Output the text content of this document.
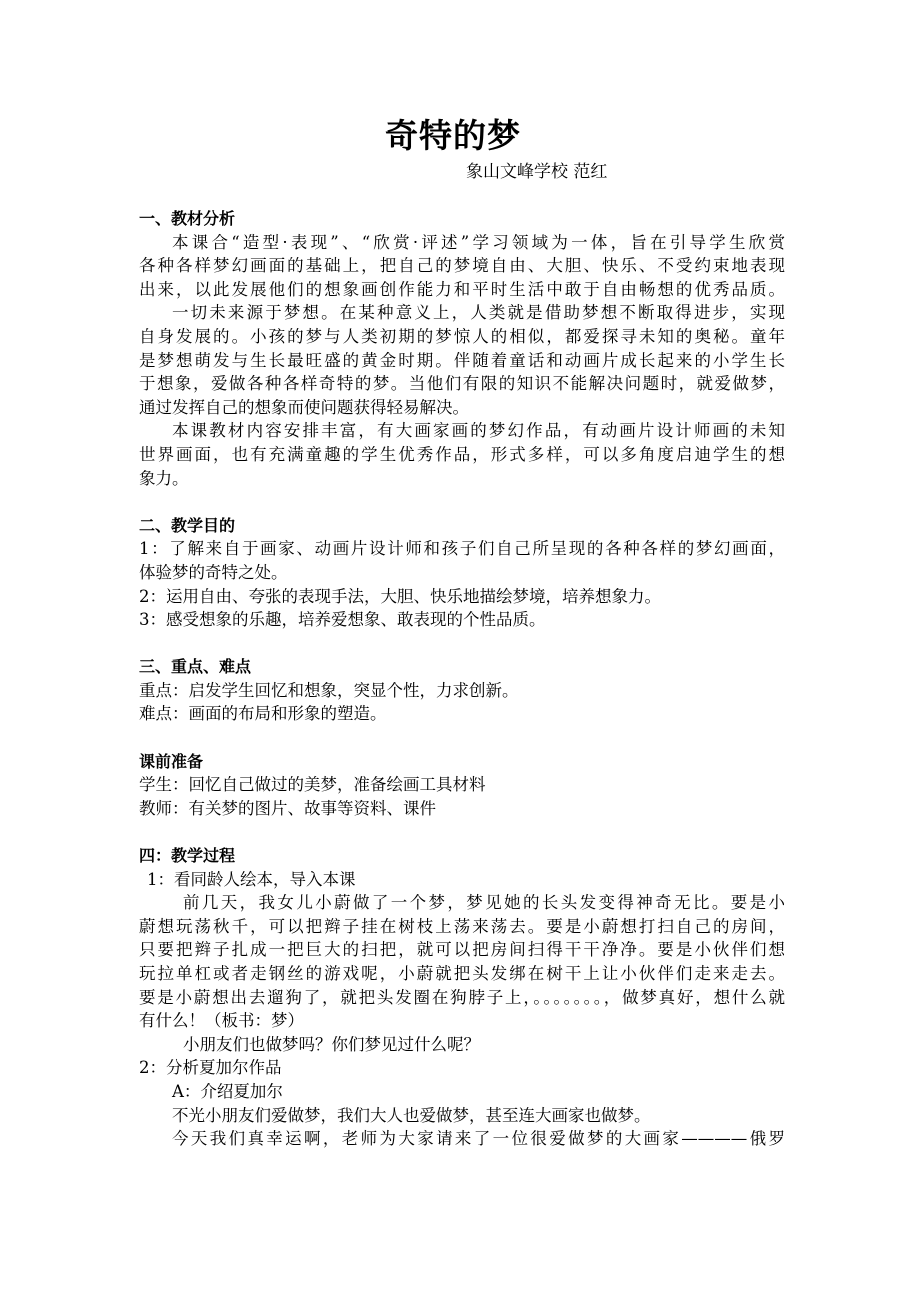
奇特的梦
象山文峰学校 范红

一、教材分析

本课合“造型·表现”、“欣赏·评述”学习领域为一体，旨在引导学生欣赏

各种各样梦幻画面的基础上，把自己的梦境自由、大胆、快乐、不受约束地表现

出来，以此发展他们的想象画创作能力和平时生活中敢于自由畅想的优秀品质。

一切未来源于梦想。在某种意义上，人类就是借助梦想不断取得进步，实现

自身发展的。小孩的梦与人类初期的梦惊人的相似，都爱探寻未知的奥秘。童年

是梦想萌发与生长最旺盛的黄金时期。伴随着童话和动画片成长起来的小学生长

于想象，爱做各种各样奇特的梦。当他们有限的知识不能解决问题时，就爱做梦，

通过发挥自己的想象而使问题获得轻易解决。

本课教材内容安排丰富，有大画家画的梦幻作品，有动画片设计师画的未知

世界画面，也有充满童趣的学生优秀作品，形式多样，可以多角度启迪学生的想

象力。

二、教学目的

1：了解来自于画家、动画片设计师和孩子们自己所呈现的各种各样的梦幻画面，

体验梦的奇特之处。

2：运用自由、夸张的表现手法，大胆、快乐地描绘梦境，培养想象力。

3：感受想象的乐趣，培养爱想象、敢表现的个性品质。

三、重点、难点

重点：启发学生回忆和想象，突显个性，力求创新。

难点：画面的布局和形象的塑造。

课前准备

学生：回忆自己做过的美梦，准备绘画工具材料

教师：有关梦的图片、故事等资料、课件

四：教学过程

1：看同龄人绘本，导入本课

前几天，我女儿小蔚做了一个梦，梦见她的长头发变得神奇无比。要是小

蔚想玩荡秋千，可以把辫子挂在树枝上荡来荡去。要是小蔚想打扫自己的房间，

只要把辫子扎成一把巨大的扫把，就可以把房间扫得干干净净。要是小伙伴们想

玩拉单杠或者走钢丝的游戏呢，小蔚就把头发绑在树干上让小伙伴们走来走去。

要是小蔚想出去遛狗了，就把头发圈在狗脖子上，。。。。。。。，做梦真好，想什么就

有什么！（板书：梦）

小朋友们也做梦吗？你们梦见过什么呢？

2：分析夏加尔作品

A：介绍夏加尔

不光小朋友们爱做梦，我们大人也爱做梦，甚至连大画家也做梦。

今天我们真幸运啊，老师为大家请来了一位很爱做梦的大画家————俄罗
